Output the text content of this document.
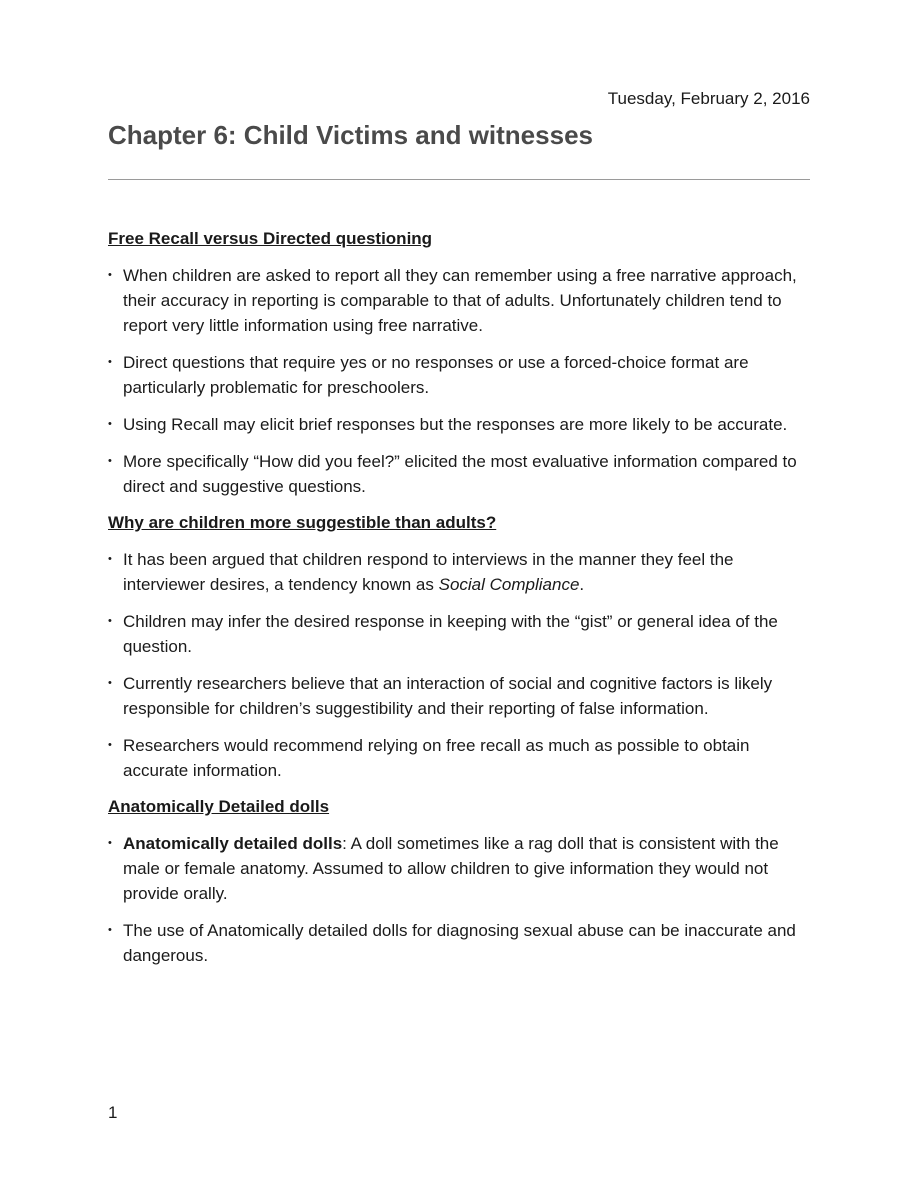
Tuesday, February 2, 2016
Chapter 6: Child Victims and witnesses
Free Recall versus Directed questioning
• When children are asked to report all they can remember using a free narrative approach, their accuracy in reporting is comparable to that of adults. Unfortunately children tend to report very little information using free narrative.
• Direct questions that require yes or no responses or use a forced-choice format are particularly problematic for preschoolers.
• Using Recall may elicit brief responses but the responses are more likely to be accurate.
• More specifically “How did you feel?” elicited the most evaluative information compared to direct and suggestive questions.
Why are children more suggestible than adults?
• It has been argued that children respond to interviews in the manner they feel the interviewer desires, a tendency known as Social Compliance.
• Children may infer the desired response in keeping with the “gist” or general idea of the question.
• Currently researchers believe that an interaction of social and cognitive factors is likely responsible for children’s suggestibility and their reporting of false information.
• Researchers would recommend relying on free recall as much as possible to obtain accurate information.
Anatomically Detailed dolls
• Anatomically detailed dolls: A doll sometimes like a rag doll that is consistent with the male or female anatomy. Assumed to allow children to give information they would not provide orally.
• The use of Anatomically detailed dolls for diagnosing sexual abuse can be inaccurate and dangerous.
1
